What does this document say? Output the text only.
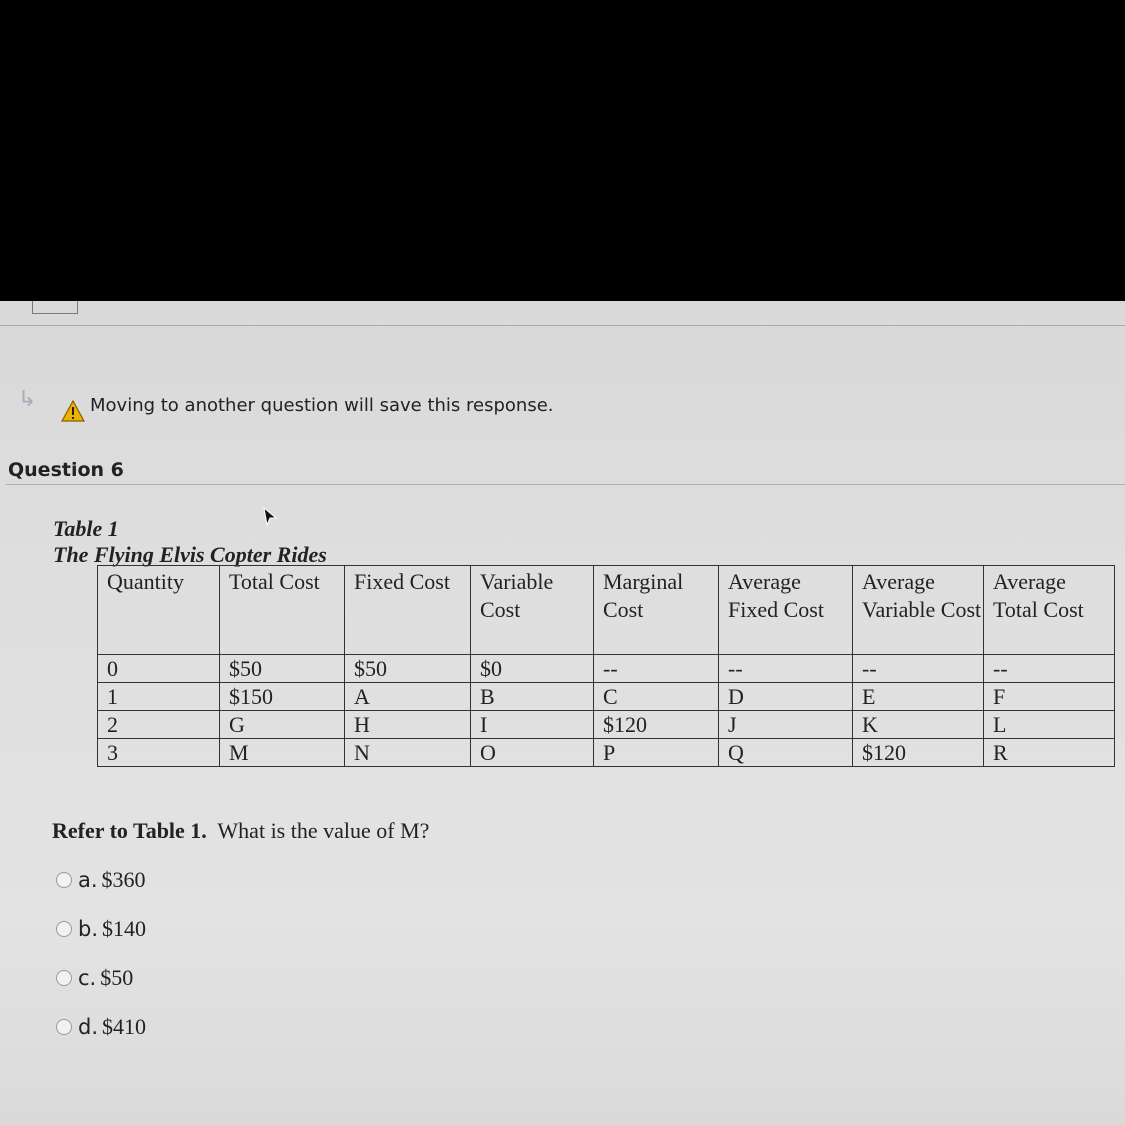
↳	Moving to another question will save this response.
Question 6
Table 1
The Flying Elvis Copter Rides
Quantity	Total Cost	Fixed Cost	Variable Cost	Marginal Cost	Average Fixed Cost	Average Variable Cost	Average Total Cost
0	$50	$50	$0	--	--	--	--
1	$150	A	B	C	D	E	F
2	G	H	I	$120	J	K	L
3	M	N	O	P	Q	$120	R
Refer to Table 1. What is the value of M?
a. $360
b. $140
c. $50
d. $410
